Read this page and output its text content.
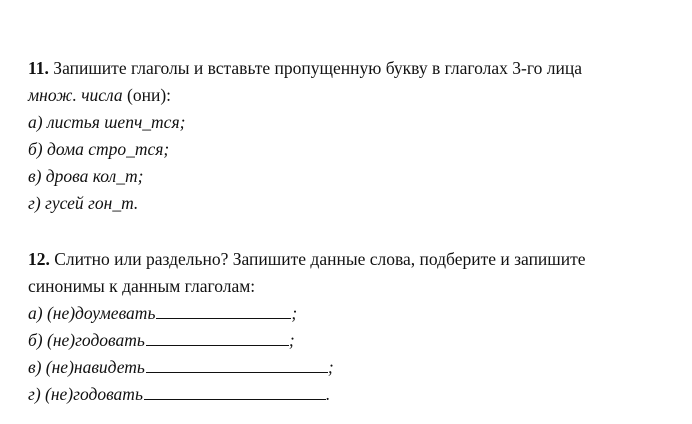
11. Запишите глаголы и вставьте пропущенную букву в глаголах 3-го лица
множ. числа (они):
а) листья шепч_тся;
б) дома стро_тся;
в) дрова кол_т;
г) гусей гон_т.
12. Слитно или раздельно? Запишите данные слова, подберите и запишите
синонимы к данным глаголам:
а) (не)доумевать	;
б) (не)годовать	;
в) (не)навидеть	;
г) (не)годовать	.
